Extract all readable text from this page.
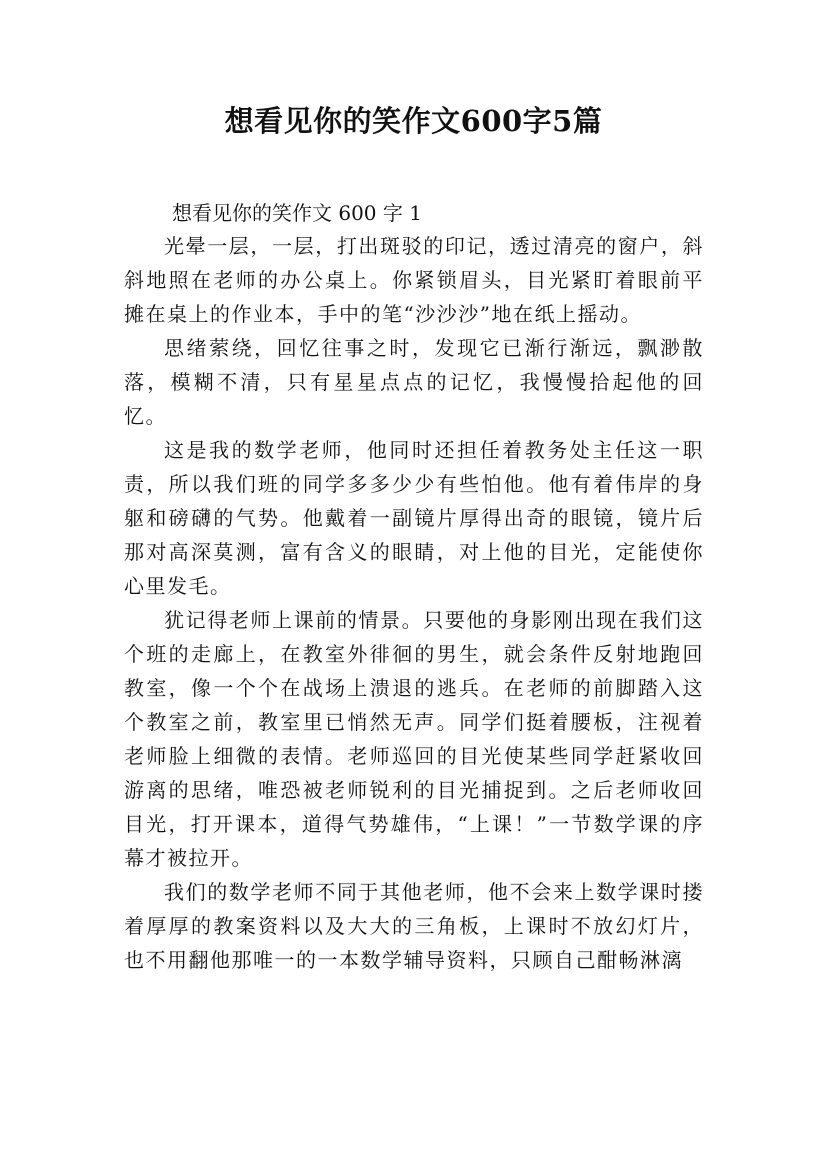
想看见你的笑作文600字5篇
想看见你的笑作文 600 字 1

光晕一层，一层，打出斑驳的印记，透过清亮的窗户，斜斜地照在老师的办公桌上。你紧锁眉头，目光紧盯着眼前平摊在桌上的作业本，手中的笔“沙沙沙”地在纸上摇动。

思绪萦绕，回忆往事之时，发现它已渐行渐远，飘渺散落，模糊不清，只有星星点点的记忆，我慢慢拾起他的回忆。

这是我的数学老师，他同时还担任着教务处主任这一职责，所以我们班的同学多多少少有些怕他。他有着伟岸的身躯和磅礴的气势。他戴着一副镜片厚得出奇的眼镜，镜片后那对高深莫测，富有含义的眼睛，对上他的目光，定能使你心里发毛。

犹记得老师上课前的情景。只要他的身影刚出现在我们这个班的走廊上，在教室外徘徊的男生，就会条件反射地跑回教室，像一个个在战场上溃退的逃兵。在老师的前脚踏入这个教室之前，教室里已悄然无声。同学们挺着腰板，注视着老师脸上细微的表情。老师巡回的目光使某些同学赶紧收回游离的思绪，唯恐被老师锐利的目光捕捉到。之后老师收回目光，打开课本，道得气势雄伟，“上课！”一节数学课的序幕才被拉开。

我们的数学老师不同于其他老师，他不会来上数学课时搂着厚厚的教案资料以及大大的三角板，上课时不放幻灯片，也不用翻他那唯一的一本数学辅导资料，只顾自己酣畅淋漓
